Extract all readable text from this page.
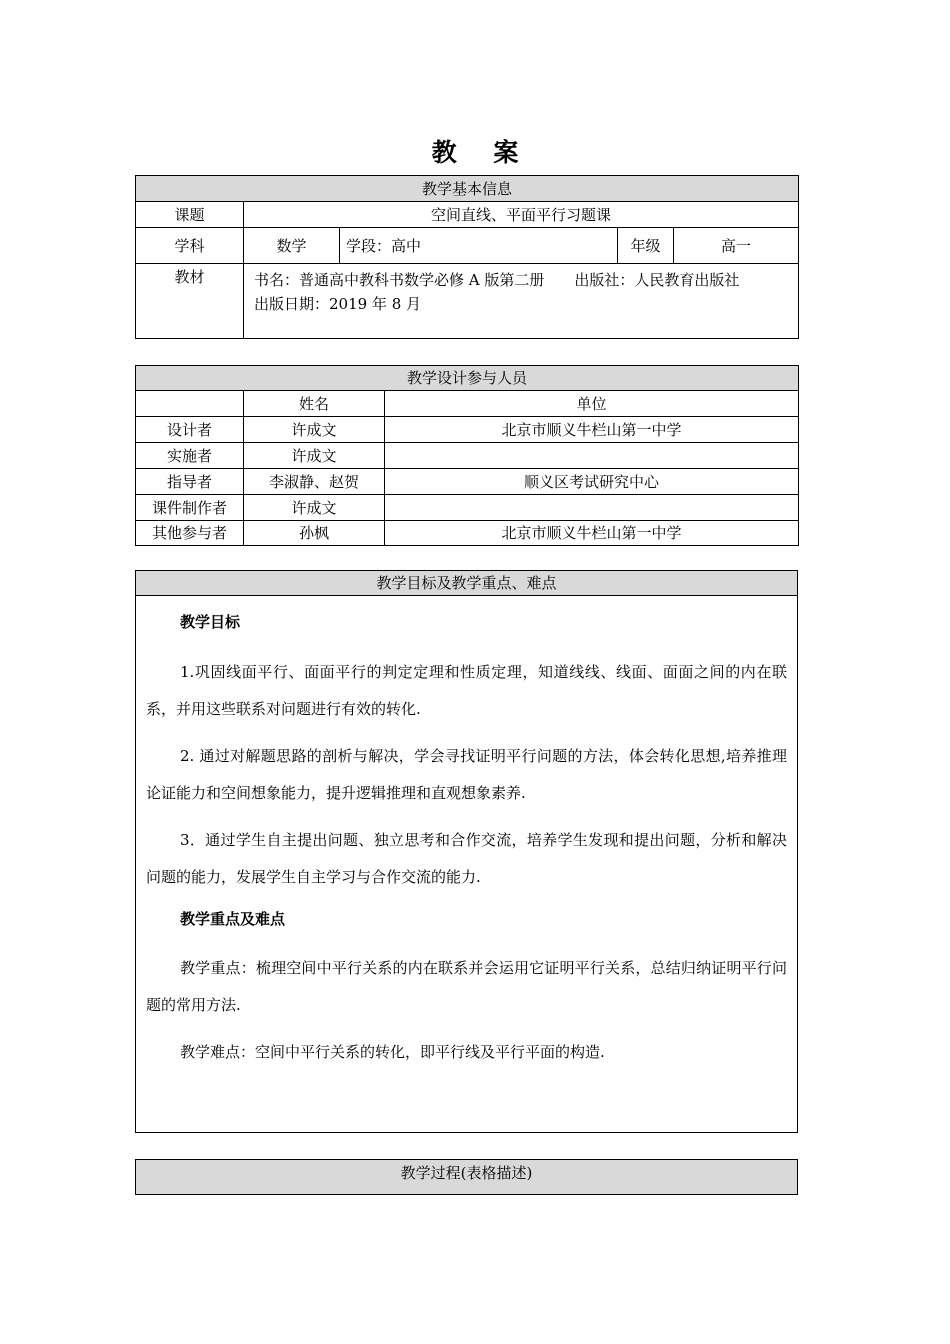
教 案
教学基本信息				
课题	空间直线、平面平行习题课			
学科	数学	学段：高中	年级	高一
教材	书名：普通高中教科书数学必修 A 版第二册　　出版社：人民教育出版社
出版日期：2019 年 8 月			
教学设计参与人员		
	姓名	单位
设计者	许成文	北京市顺义牛栏山第一中学
实施者	许成文	
指导者	李淑静、赵贺	顺义区考试研究中心
课件制作者	许成文	
其他参与者	孙枫	北京市顺义牛栏山第一中学
教学目标及教学重点、难点

教学目标

1.巩固线面平行、面面平行的判定定理和性质定理，知道线线、线面、面面之间的内在联系，并用这些联系对问题进行有效的转化.

2. 通过对解题思路的剖析与解决，学会寻找证明平行问题的方法，体会转化思想,培养推理论证能力和空间想象能力，提升逻辑推理和直观想象素养.

3．通过学生自主提出问题、独立思考和合作交流，培养学生发现和提出问题，分析和解决问题的能力，发展学生自主学习与合作交流的能力.

教学重点及难点

教学重点：梳理空间中平行关系的内在联系并会运用它证明平行关系，总结归纳证明平行问题的常用方法.

教学难点：空间中平行关系的转化，即平行线及平行平面的构造.

教学过程(表格描述)
